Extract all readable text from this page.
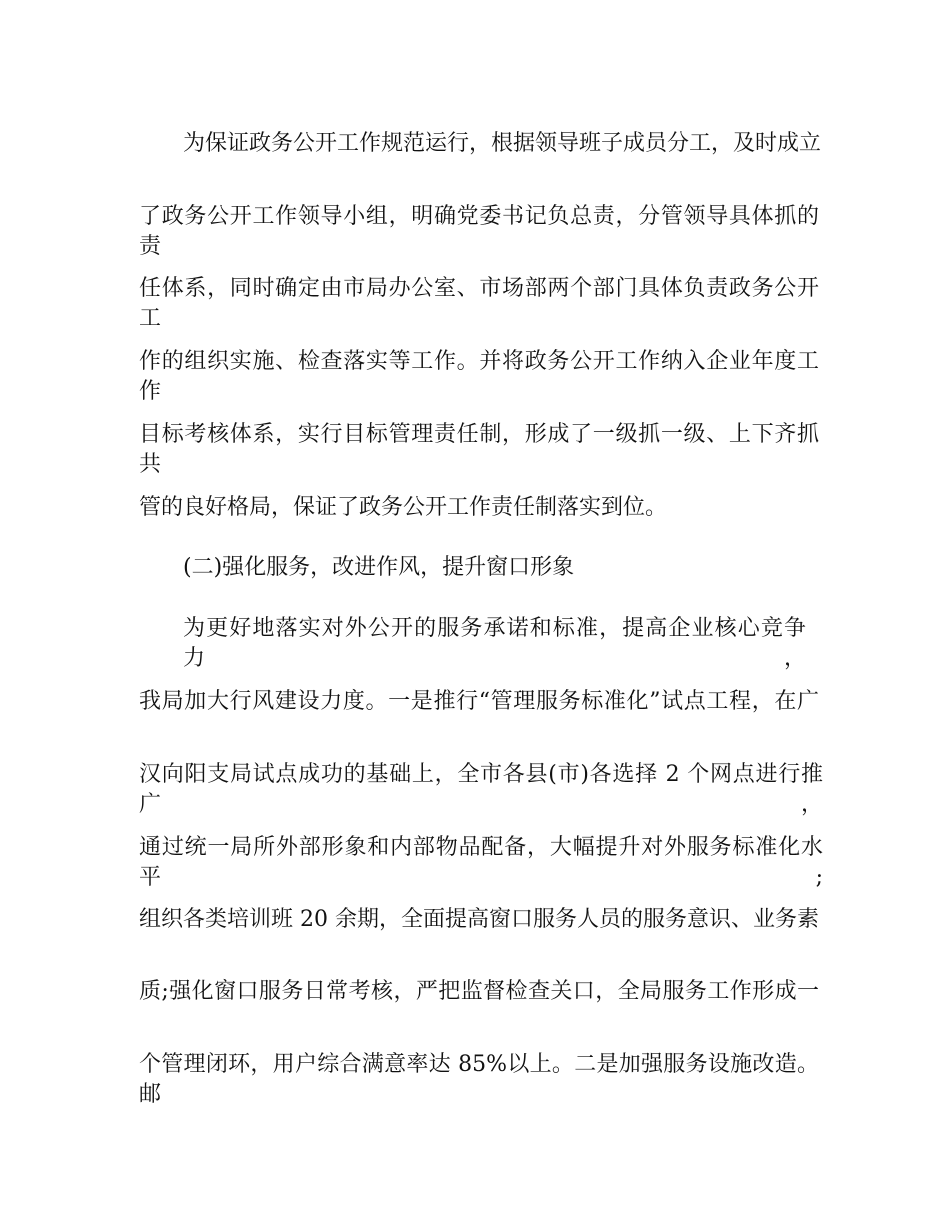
为保证政务公开工作规范运行，根据领导班子成员分工，及时成立

了政务公开工作领导小组，明确党委书记负总责，分管领导具体抓的责

任体系，同时确定由市局办公室、市场部两个部门具体负责政务公开工

作的组织实施、检查落实等工作。并将政务公开工作纳入企业年度工作

目标考核体系，实行目标管理责任制，形成了一级抓一级、上下齐抓共

管的良好格局，保证了政务公开工作责任制落实到位。

(二)强化服务，改进作风，提升窗口形象

为更好地落实对外公开的服务承诺和标准，提高企业核心竞争力，

我局加大行风建设力度。一是推行“管理服务标准化”试点工程，在广

汉向阳支局试点成功的基础上，全市各县(市)各选择 2 个网点进行推广，

通过统一局所外部形象和内部物品配备，大幅提升对外服务标准化水平;

组织各类培训班 20 余期，全面提高窗口服务人员的服务意识、业务素

质;强化窗口服务日常考核，严把监督检查关口，全局服务工作形成一

个管理闭环，用户综合满意率达 85%以上。二是加强服务设施改造。邮
